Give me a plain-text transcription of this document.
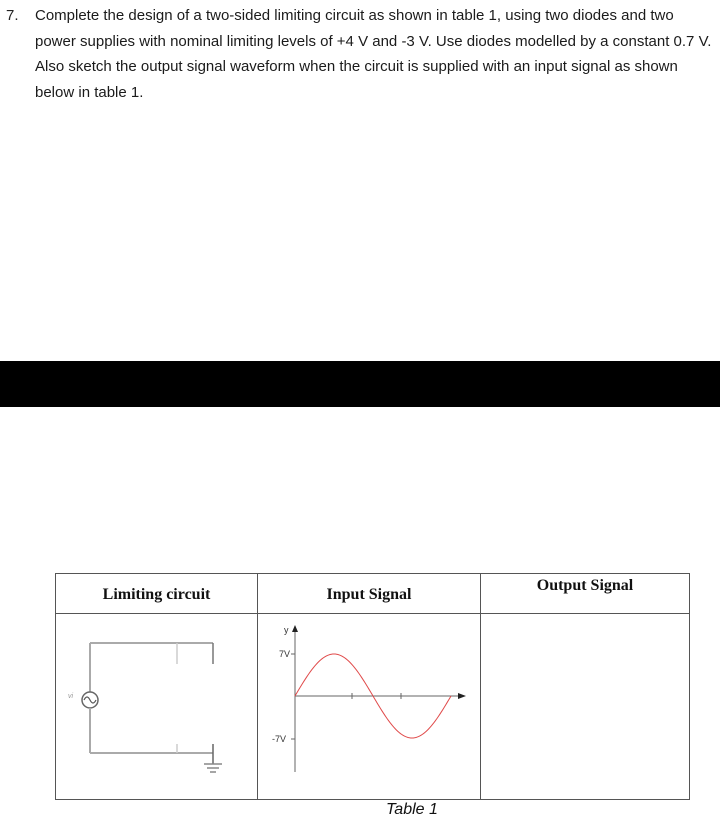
7. Complete the design of a two-sided limiting circuit as shown in table 1, using two diodes and two power supplies with nominal limiting levels of +4 V and -3 V. Use diodes modelled by a constant 0.7 V. Also sketch the output signal waveform when the circuit is supplied with an input signal as shown below in table 1.
Limiting circuit	Input Signal	Output Signal

vi	y
7V
-7V	

Table 1
